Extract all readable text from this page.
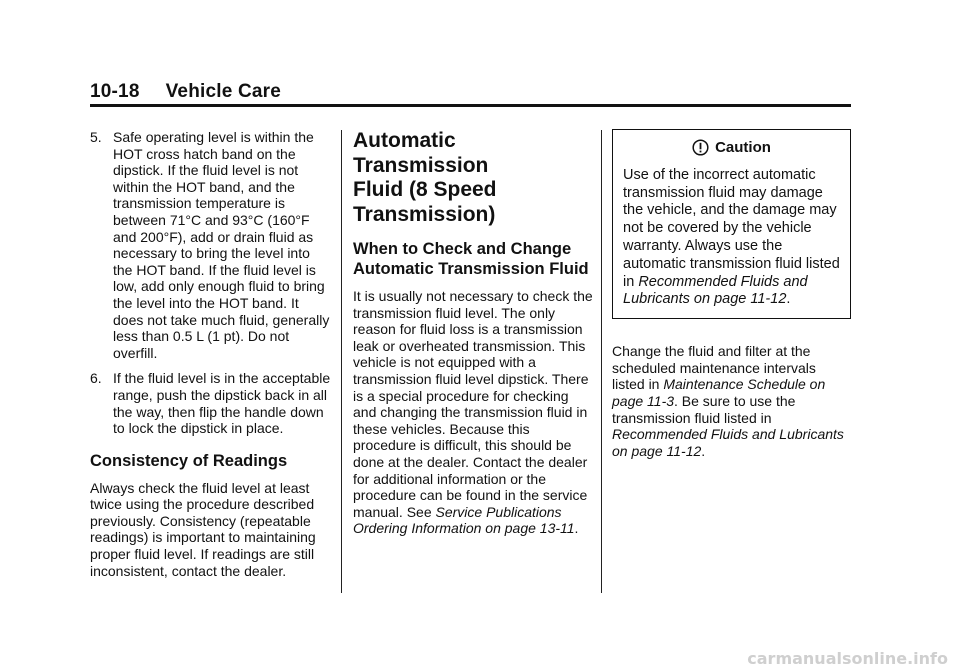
10-18 Vehicle Care
5. Safe operating level is within the HOT cross hatch band on the dipstick. If the fluid level is not within the HOT band, and the transmission temperature is between 71°C and 93°C (160°F and 200°F), add or drain fluid as necessary to bring the level into the HOT band. If the fluid level is low, add only enough fluid to bring the level into the HOT band. It does not take much fluid, generally less than 0.5 L (1 pt). Do not overfill.
6. If the fluid level is in the acceptable range, push the dipstick back in all the way, then flip the handle down to lock the dipstick in place.
Consistency of Readings

Always check the fluid level at least twice using the procedure described previously. Consistency (repeatable readings) is important to maintaining proper fluid level. If readings are still inconsistent, contact the dealer.

Automatic Transmission
Fluid (8 Speed
Transmission)
When to Check and Change
Automatic Transmission Fluid

It is usually not necessary to check the transmission fluid level. The only reason for fluid loss is a transmission leak or overheated transmission. This vehicle is not equipped with a transmission fluid level dipstick. There is a special procedure for checking and changing the transmission fluid in these vehicles. Because this procedure is difficult, this should be done at the dealer. Contact the dealer for additional information or the procedure can be found in the service manual. See Service Publications Ordering Information on page 13-11.

Caution

Use of the incorrect automatic transmission fluid may damage the vehicle, and the damage may not be covered by the vehicle warranty. Always use the automatic transmission fluid listed in Recommended Fluids and Lubricants on page 11-12.

Change the fluid and filter at the scheduled maintenance intervals listed in Maintenance Schedule on page 11-3. Be sure to use the transmission fluid listed in Recommended Fluids and Lubricants on page 11-12.

carmanualsonline.info
